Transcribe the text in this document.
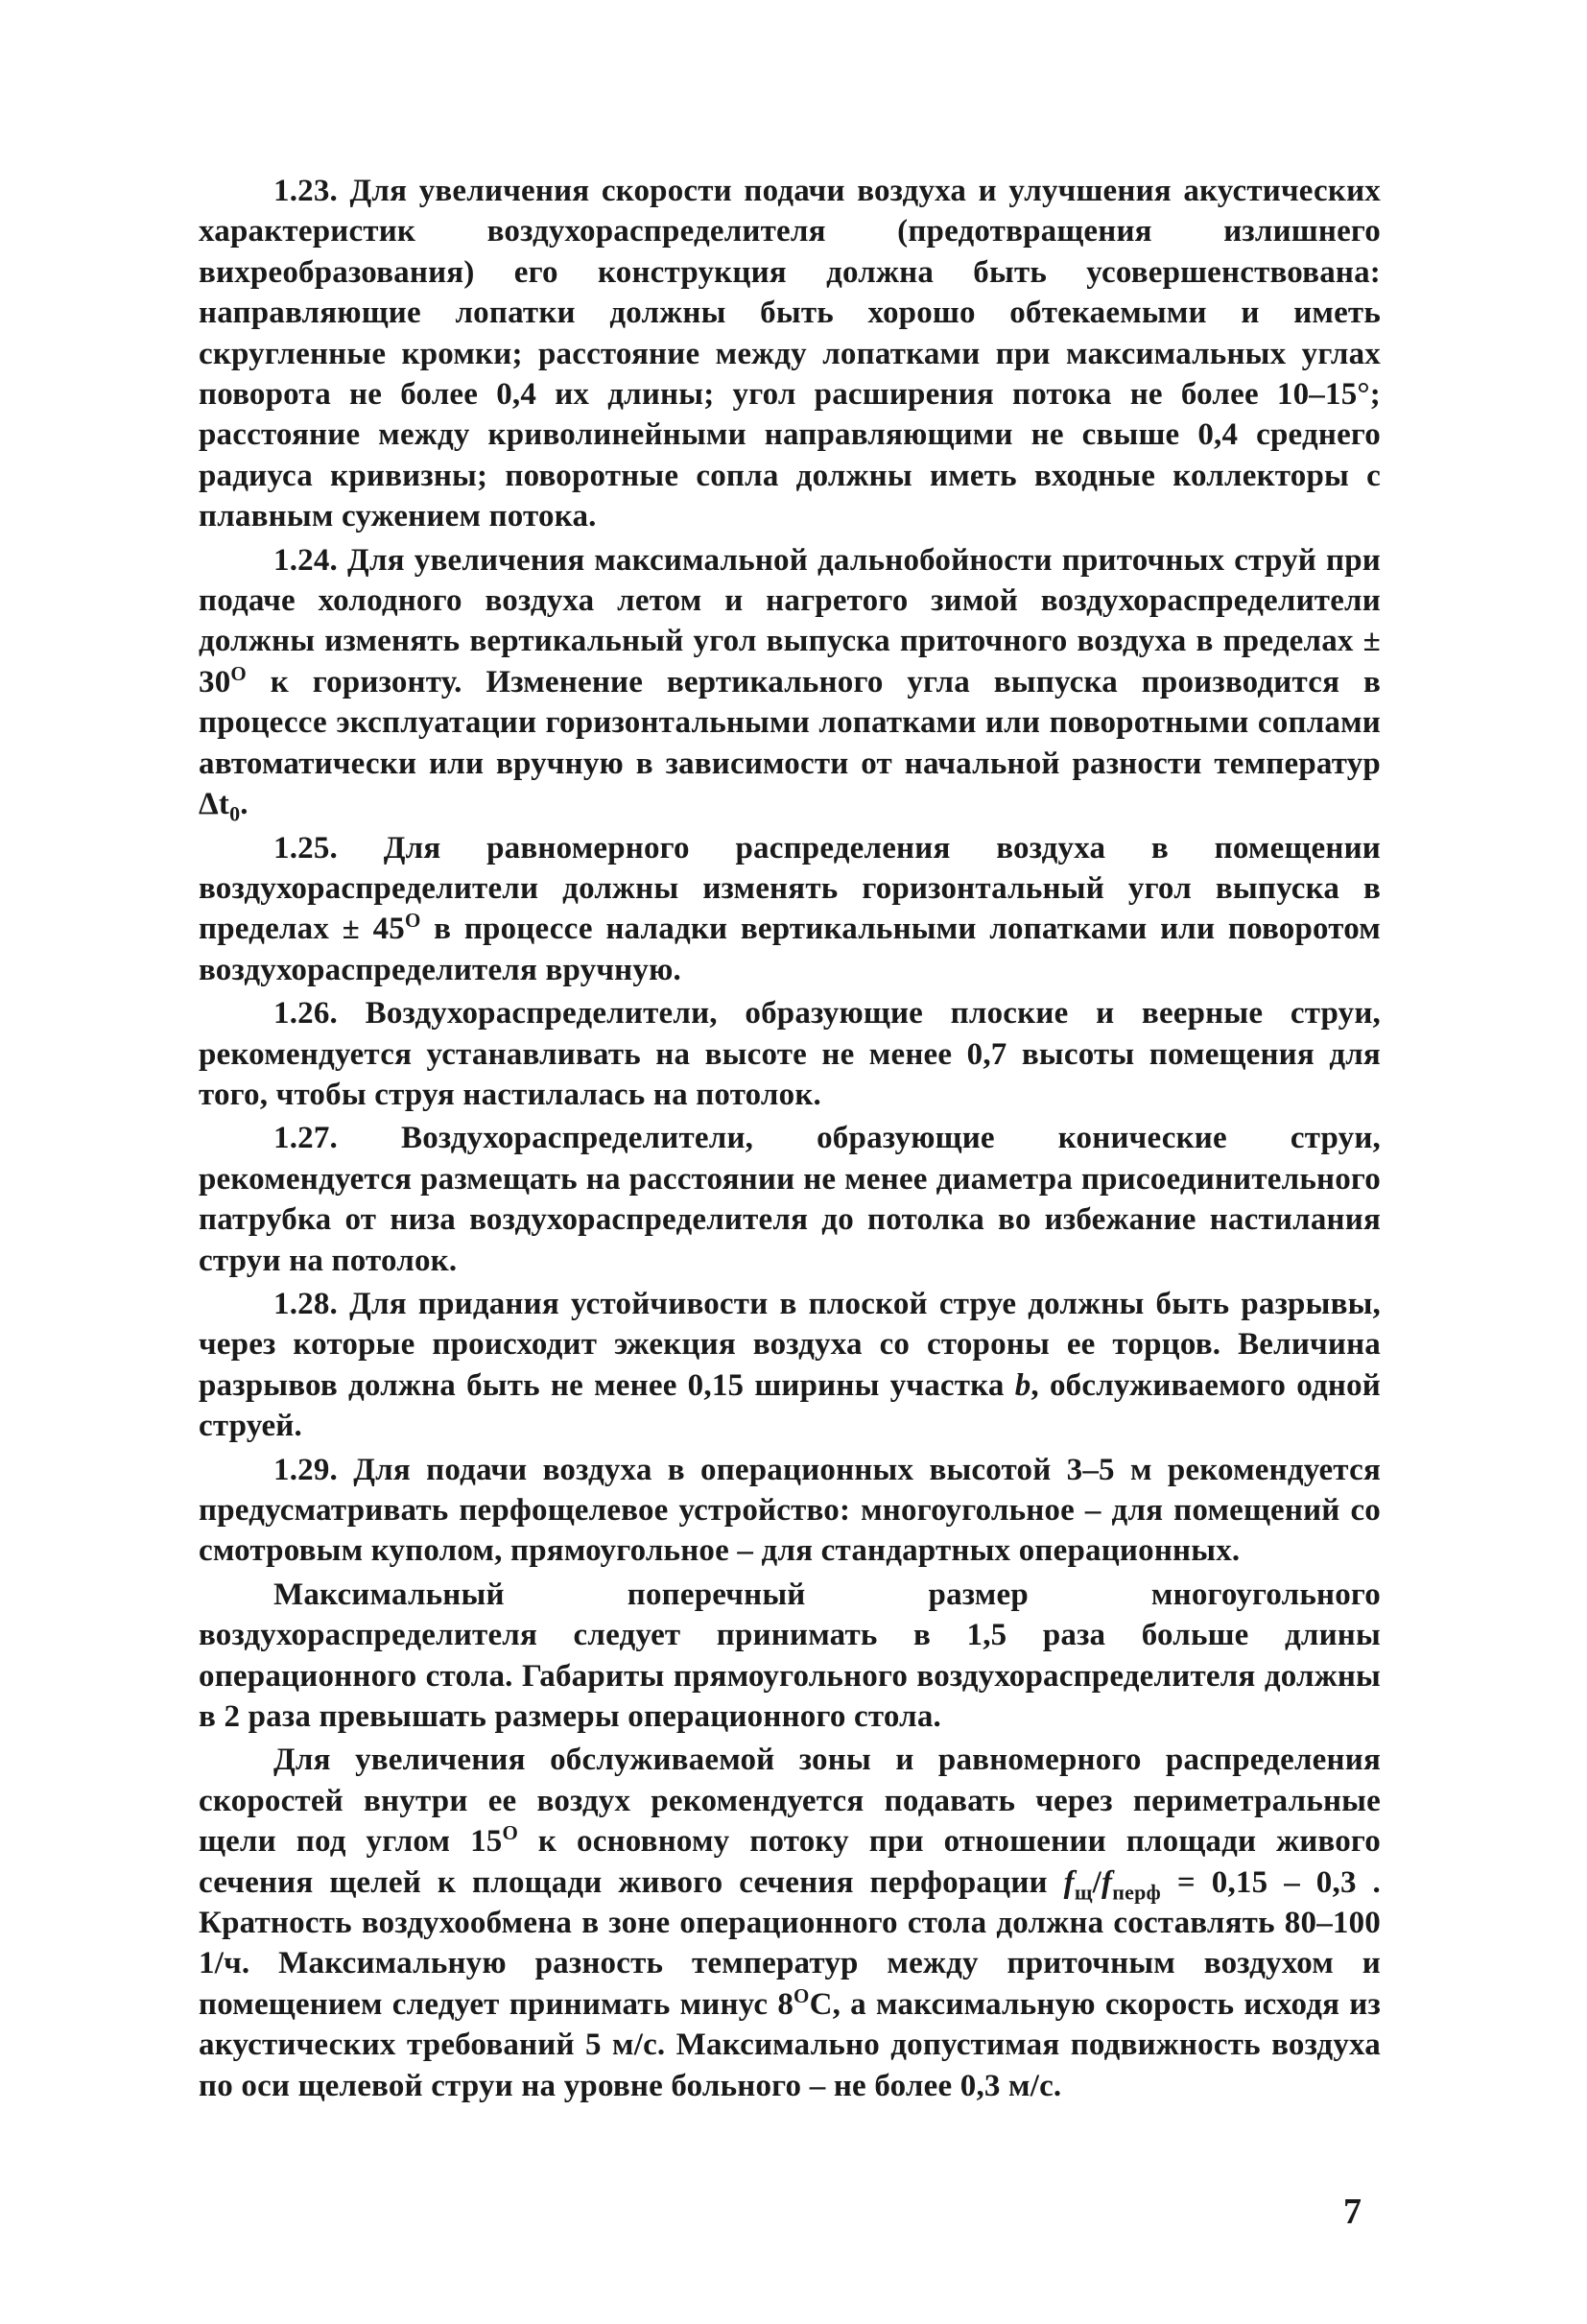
1.23. Для увеличения скорости подачи воздуха и улучшения акустических характеристик воздухораспределителя (предотвращения излишнего вихреобразования) его конструкция должна быть усовершенствована: направляющие лопатки должны быть хорошо обтекаемыми и иметь скругленные кромки; расстояние между лопатками при максимальных углах поворота не более 0,4 их длины; угол расширения потока не более 10–15°; расстояние между криволинейными направляющими не свыше 0,4 среднего радиуса кривизны; поворотные сопла должны иметь входные коллекторы с плавным сужением потока.

1.24. Для увеличения максимальной дальнобойности приточных струй при подаче холодного воздуха летом и нагретого зимой воздухораспределители должны изменять вертикальный угол выпуска приточного воздуха в пределах ± $30^O$ к горизонту. Изменение вертикального угла выпуска производится в процессе эксплуатации горизонтальными лопатками или поворотными соплами автоматически или вручную в зависимости от начальной разности температур $\Delta t_0$.

1.25. Для равномерного распределения воздуха в помещении воздухораспределители должны изменять горизонтальный угол выпуска в пределах ± $45^O$ в процессе наладки вертикальными лопатками или поворотом воздухораспределителя вручную.

1.26. Воздухораспределители, образующие плоские и веерные струи, рекомендуется устанавливать на высоте не менее 0,7 высоты помещения для того, чтобы струя настилалась на потолок.

1.27. Воздухораспределители, образующие конические струи, рекомендуется размещать на расстоянии не менее диаметра присоединительного патрубка от низа воздухораспределителя до потолка во избежание настилания струи на потолок.

1.28. Для придания устойчивости в плоской струе должны быть разрывы, через которые происходит эжекция воздуха со стороны ее торцов. Величина разрывов должна быть не менее 0,15 ширины участка b, обслуживаемого одной струей.

1.29. Для подачи воздуха в операционных высотой 3–5 м рекомендуется предусматривать перфощелевое устройство: многоугольное – для помещений со смотровым куполом, прямоугольное – для стандартных операционных.

Максимальный поперечный размер многоугольного воздухораспределителя следует принимать в 1,5 раза больше длины операционного стола. Габариты прямоугольного воздухораспределителя должны в 2 раза превышать размеры операционного стола.

Для увеличения обслуживаемой зоны и равномерного распределения скоростей внутри ее воздух рекомендуется подавать через периметральные щели под углом $15^O$ к основному потоку при отношении площади живого сечения щелей к площади живого сечения перфорации $f_щ/f_{перф} = 0,15 - 0,3$ . Кратность воздухообмена в зоне операционного стола должна составлять 80–100 1/ч. Максимальную разность температур между приточным воздухом и помещением следует принимать минус $8^OС$, а максимальную скорость исходя из акустических требований 5 м/с. Максимально допустимая подвижность воздуха по оси щелевой струи на уровне больного – не более 0,3 м/с.

7
